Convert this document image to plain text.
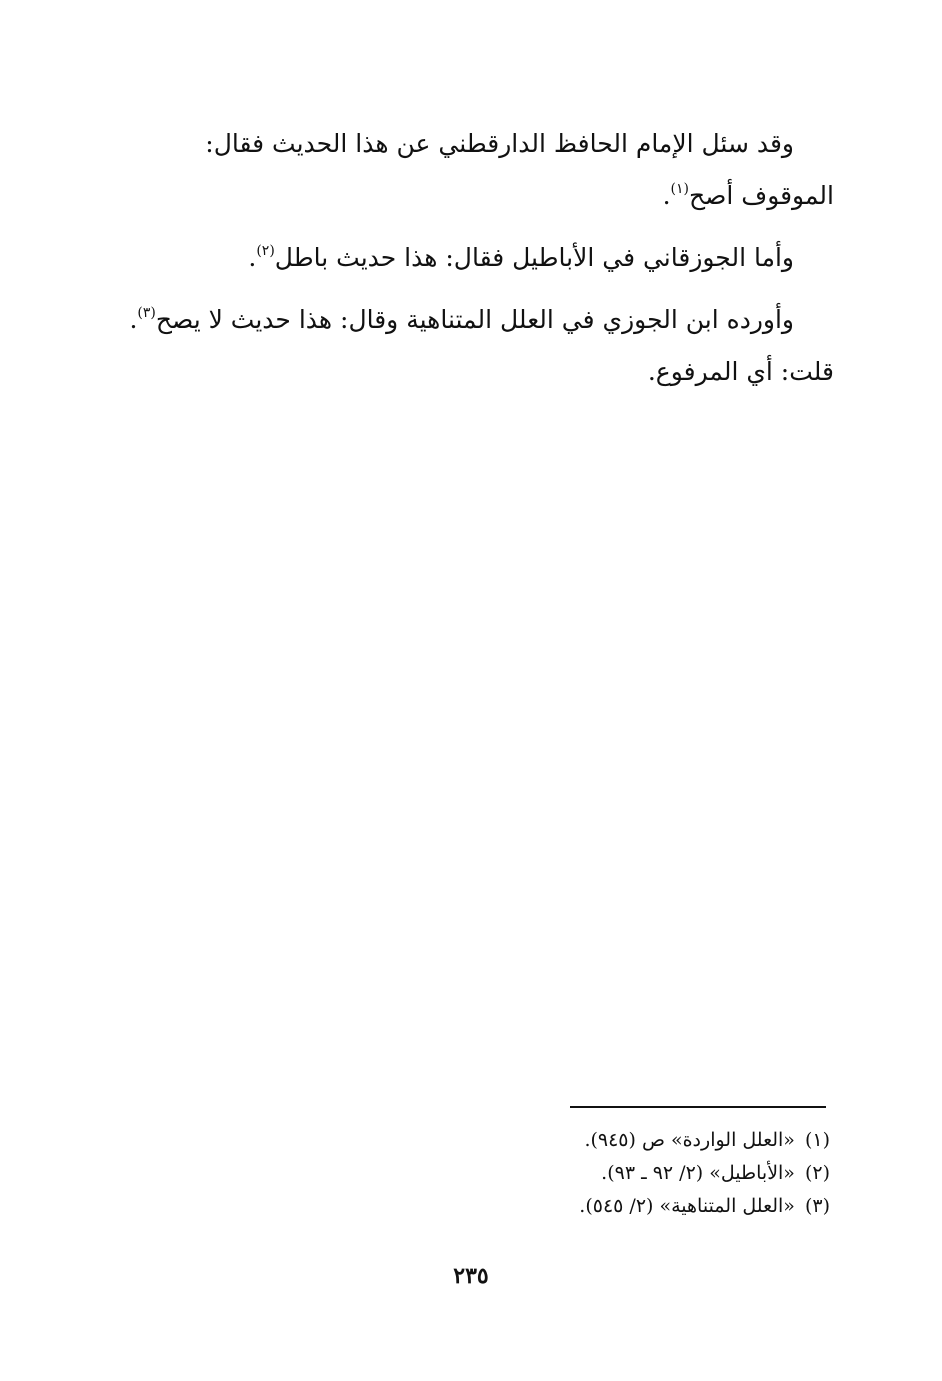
وقد سئل الإمام الحافظ الدارقطني عن هذا الحديث فقال: الموقوف أصح$^{(١)}$.

وأما الجوزقاني في الأباطيل فقال: هذا حديث باطل$^{(٢)}$.

وأورده ابن الجوزي في العلل المتناهية وقال: هذا حديث لا يصح$^{(٣)}$.

قلت: أي المرفوع.

(١)«العلل الواردة» ص (٩٤٥).

(٢)«الأباطيل» (٢/ ٩٢ ـ ٩٣).

(٣)«العلل المتناهية» (٢/ ٥٤٥).

٢٣٥
